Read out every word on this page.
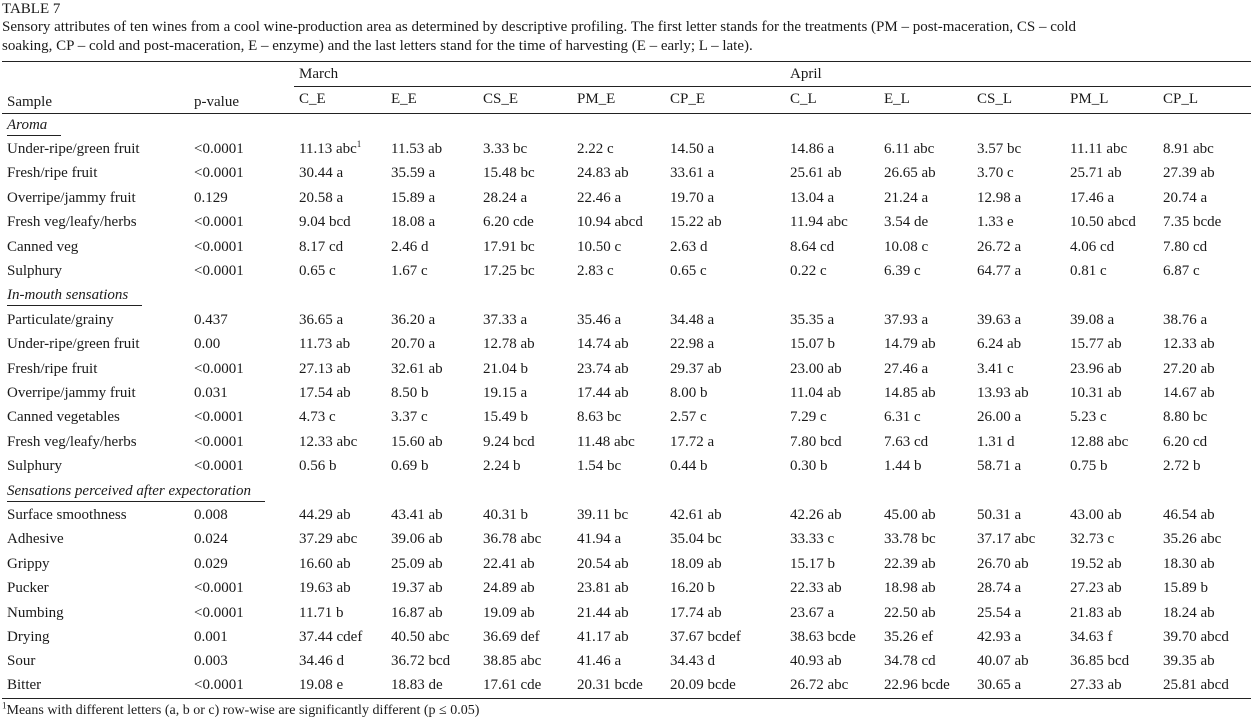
TABLE 7
Sensory attributes of ten wines from a cool wine-production area as determined by descriptive profiling. The first letter stands for the treatments (PM – post-maceration, CS – cold
soaking, CP – cold and post-maceration, E – enzyme) and the last letters stand for the time of harvesting (E – early; L – late).
		March					April				
Sample	p-value	C_E	E_E	CS_E	PM_E	CP_E	C_L	E_L	CS_L	PM_L	CP_L
Aroma											
Under-ripe/green fruit	<0.0001	11.13 abc$^1$	11.53 ab	3.33 bc	2.22 c	14.50 a	14.86 a	6.11 abc	3.57 bc	11.11 abc	8.91 abc
Fresh/ripe fruit	<0.0001	30.44 a	35.59 a	15.48 bc	24.83 ab	33.61 a	25.61 ab	26.65 ab	3.70 c	25.71 ab	27.39 ab
Overripe/jammy fruit	0.129	20.58 a	15.89 a	28.24 a	22.46 a	19.70 a	13.04 a	21.24 a	12.98 a	17.46 a	20.74 a
Fresh veg/leafy/herbs	<0.0001	9.04 bcd	18.08 a	6.20 cde	10.94 abcd	15.22 ab	11.94 abc	3.54 de	1.33 e	10.50 abcd	7.35 bcde
Canned veg	<0.0001	8.17 cd	2.46 d	17.91 bc	10.50 c	2.63 d	8.64 cd	10.08 c	26.72 a	4.06 cd	7.80 cd
Sulphury	<0.0001	0.65 c	1.67 c	17.25 bc	2.83 c	0.65 c	0.22 c	6.39 c	64.77 a	0.81 c	6.87 c
In-mouth sensations											
Particulate/grainy	0.437	36.65 a	36.20 a	37.33 a	35.46 a	34.48 a	35.35 a	37.93 a	39.63 a	39.08 a	38.76 a
Under-ripe/green fruit	0.00	11.73 ab	20.70 a	12.78 ab	14.74 ab	22.98 a	15.07 b	14.79 ab	6.24 ab	15.77 ab	12.33 ab
Fresh/ripe fruit	<0.0001	27.13 ab	32.61 ab	21.04 b	23.74 ab	29.37 ab	23.00 ab	27.46 a	3.41 c	23.96 ab	27.20 ab
Overripe/jammy fruit	0.031	17.54 ab	8.50 b	19.15 a	17.44 ab	8.00 b	11.04 ab	14.85 ab	13.93 ab	10.31 ab	14.67 ab
Canned vegetables	<0.0001	4.73 c	3.37 c	15.49 b	8.63 bc	2.57 c	7.29 c	6.31 c	26.00 a	5.23 c	8.80 bc
Fresh veg/leafy/herbs	<0.0001	12.33 abc	15.60 ab	9.24 bcd	11.48 abc	17.72 a	7.80 bcd	7.63 cd	1.31 d	12.88 abc	6.20 cd
Sulphury	<0.0001	0.56 b	0.69 b	2.24 b	1.54 bc	0.44 b	0.30 b	1.44 b	58.71 a	0.75 b	2.72 b
Sensations perceived after expectoration											
Surface smoothness	0.008	44.29 ab	43.41 ab	40.31 b	39.11 bc	42.61 ab	42.26 ab	45.00 ab	50.31 a	43.00 ab	46.54 ab
Adhesive	0.024	37.29 abc	39.06 ab	36.78 abc	41.94 a	35.04 bc	33.33 c	33.78 bc	37.17 abc	32.73 c	35.26 abc
Grippy	0.029	16.60 ab	25.09 ab	22.41 ab	20.54 ab	18.09 ab	15.17 b	22.39 ab	26.70 ab	19.52 ab	18.30 ab
Pucker	<0.0001	19.63 ab	19.37 ab	24.89 ab	23.81 ab	16.20 b	22.33 ab	18.98 ab	28.74 a	27.23 ab	15.89 b
Numbing	<0.0001	11.71 b	16.87 ab	19.09 ab	21.44 ab	17.74 ab	23.67 a	22.50 ab	25.54 a	21.83 ab	18.24 ab
Drying	0.001	37.44 cdef	40.50 abc	36.69 def	41.17 ab	37.67 bcdef	38.63 bcde	35.26 ef	42.93 a	34.63 f	39.70 abcd
Sour	0.003	34.46 d	36.72 bcd	38.85 abc	41.46 a	34.43 d	40.93 ab	34.78 cd	40.07 ab	36.85 bcd	39.35 ab
Bitter	<0.0001	19.08 e	18.83 de	17.61 cde	20.31 bcde	20.09 bcde	26.72 abc	22.96 bcde	30.65 a	27.33 ab	25.81 abcd
$^1$Means with different letters (a, b or c) row-wise are significantly different (p ≤ 0.05)
